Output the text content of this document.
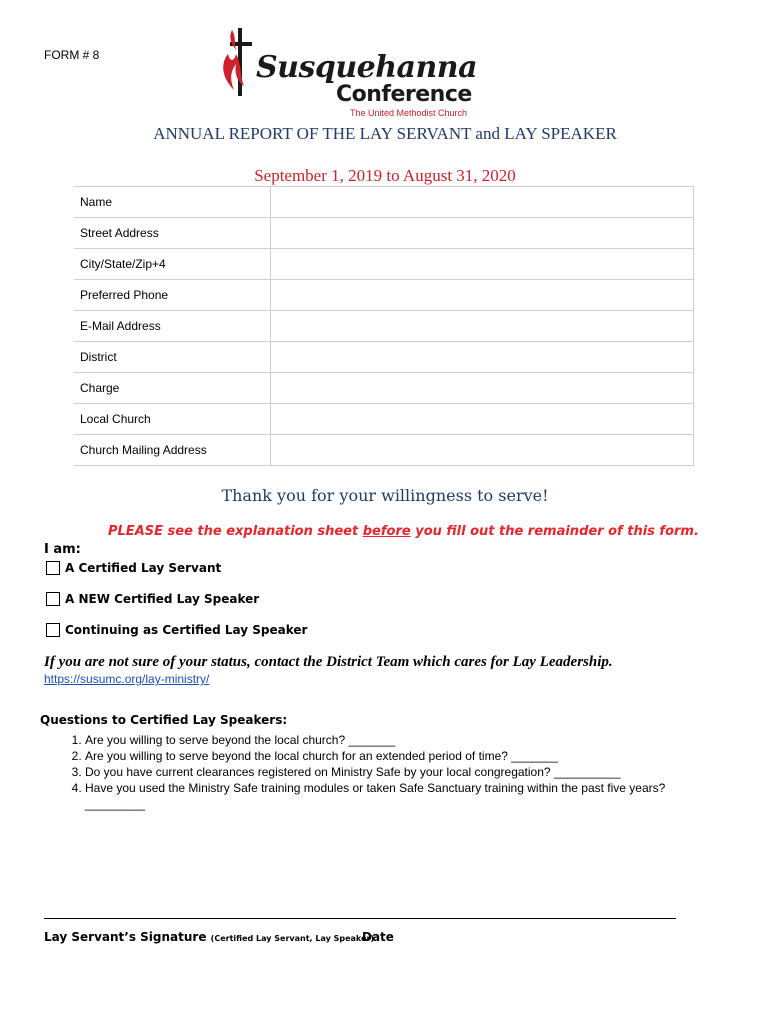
FORM # 8	Susquehanna
Conference
The United Methodist Church
ANNUAL REPORT OF THE LAY SERVANT and LAY SPEAKER
September 1, 2019 to August 31, 2020
Name	
Street Address	
City/State/Zip+4	
Preferred Phone	
E-Mail Address	
District	
Charge	
Local Church	
Church Mailing Address	
Thank you for your willingness to serve!
PLEASE see the explanation sheet before you fill out the remainder of this form.
I am:
A Certified Lay Servant
A NEW Certified Lay Speaker
Continuing as Certified Lay Speaker
If you are not sure of your status, contact the District Team which cares for Lay Leadership.
https://susumc.org/lay-ministry/
Questions to Certified Lay Speakers:
1. Are you willing to serve beyond the local church? _______
2. Are you willing to serve beyond the local church for an extended period of time? _______
3. Do you have current clearances registered on Ministry Safe by your local congregation? __________
4. Have you used the Ministry Safe training modules or taken Safe Sanctuary training within the past five years? _________
Lay Servant’s Signature (Certified Lay Servant, Lay Speaker)
Date
